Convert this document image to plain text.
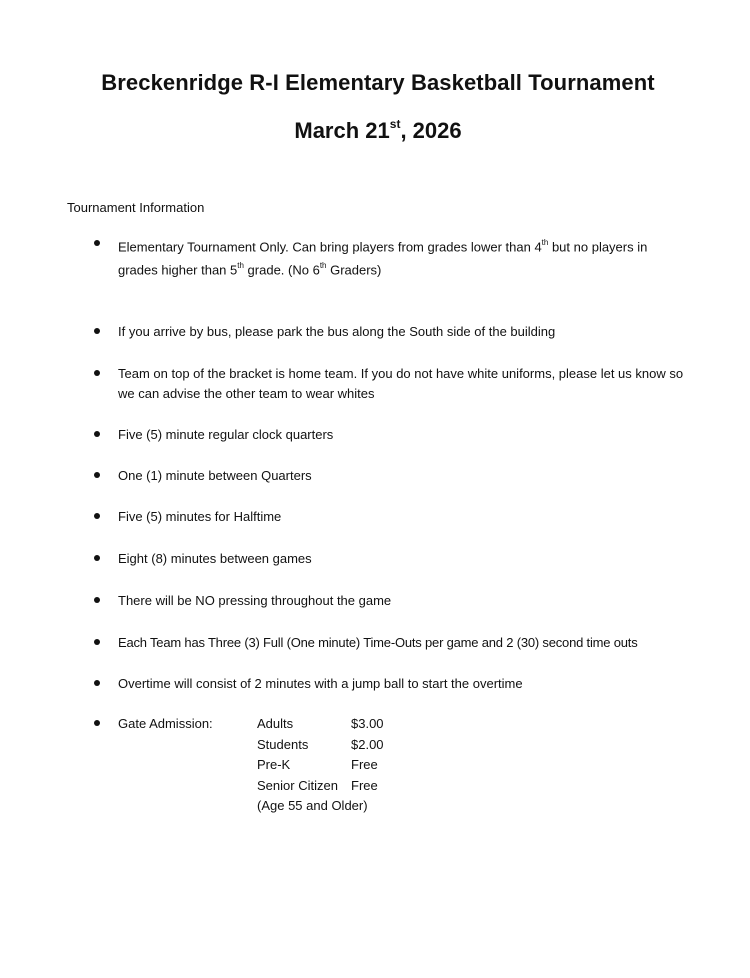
Breckenridge R-I Elementary Basketball Tournament
March 21st, 2026
Tournament Information
Elementary Tournament Only. Can bring players from grades lower than 4th but no players in grades higher than 5th grade. (No 6th Graders)
If you arrive by bus, please park the bus along the South side of the building
Team on top of the bracket is home team. If you do not have white uniforms, please let us know so we can advise the other team to wear whites
Five (5) minute regular clock quarters
One (1) minute between Quarters
Five (5) minutes for Halftime
Eight (8) minutes between games
There will be NO pressing throughout the game
Each Team has Three (3) Full (One minute) Time-Outs per game and 2 (30) second time outs
Overtime will consist of 2 minutes with a jump ball to start the overtime
Gate Admission:	Adults	$3.00
Students	$2.00
Pre-K	Free
Senior Citizen Free
(Age 55 and Older)
